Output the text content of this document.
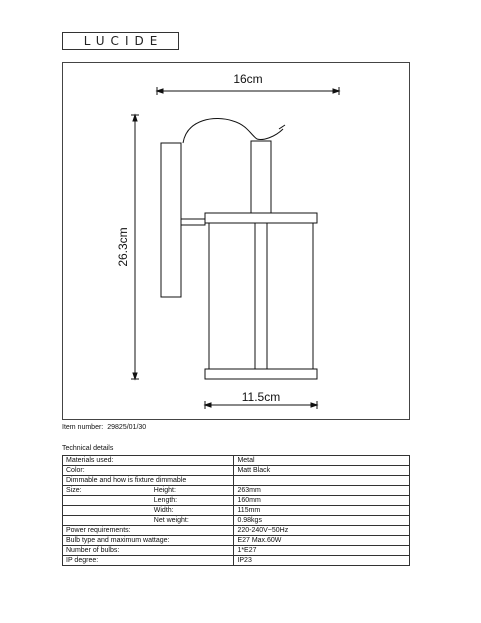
LUCIDE
16cm
26.3cm
11.5cm
Item number: 29825/01/30
Technical details
Materials used:		Metal
Color:		Matt Black
Dimmable and how is fixture dimmable		
Size:	Height:	263mm
	Length:	160mm
	Width:	115mm
	Net weight:	0.98kgs
Power requirements:		220-240V~50Hz
Bulb type and maximum wattage:		E27 Max.60W
Number of bulbs:		1*E27
IP degree:		IP23
